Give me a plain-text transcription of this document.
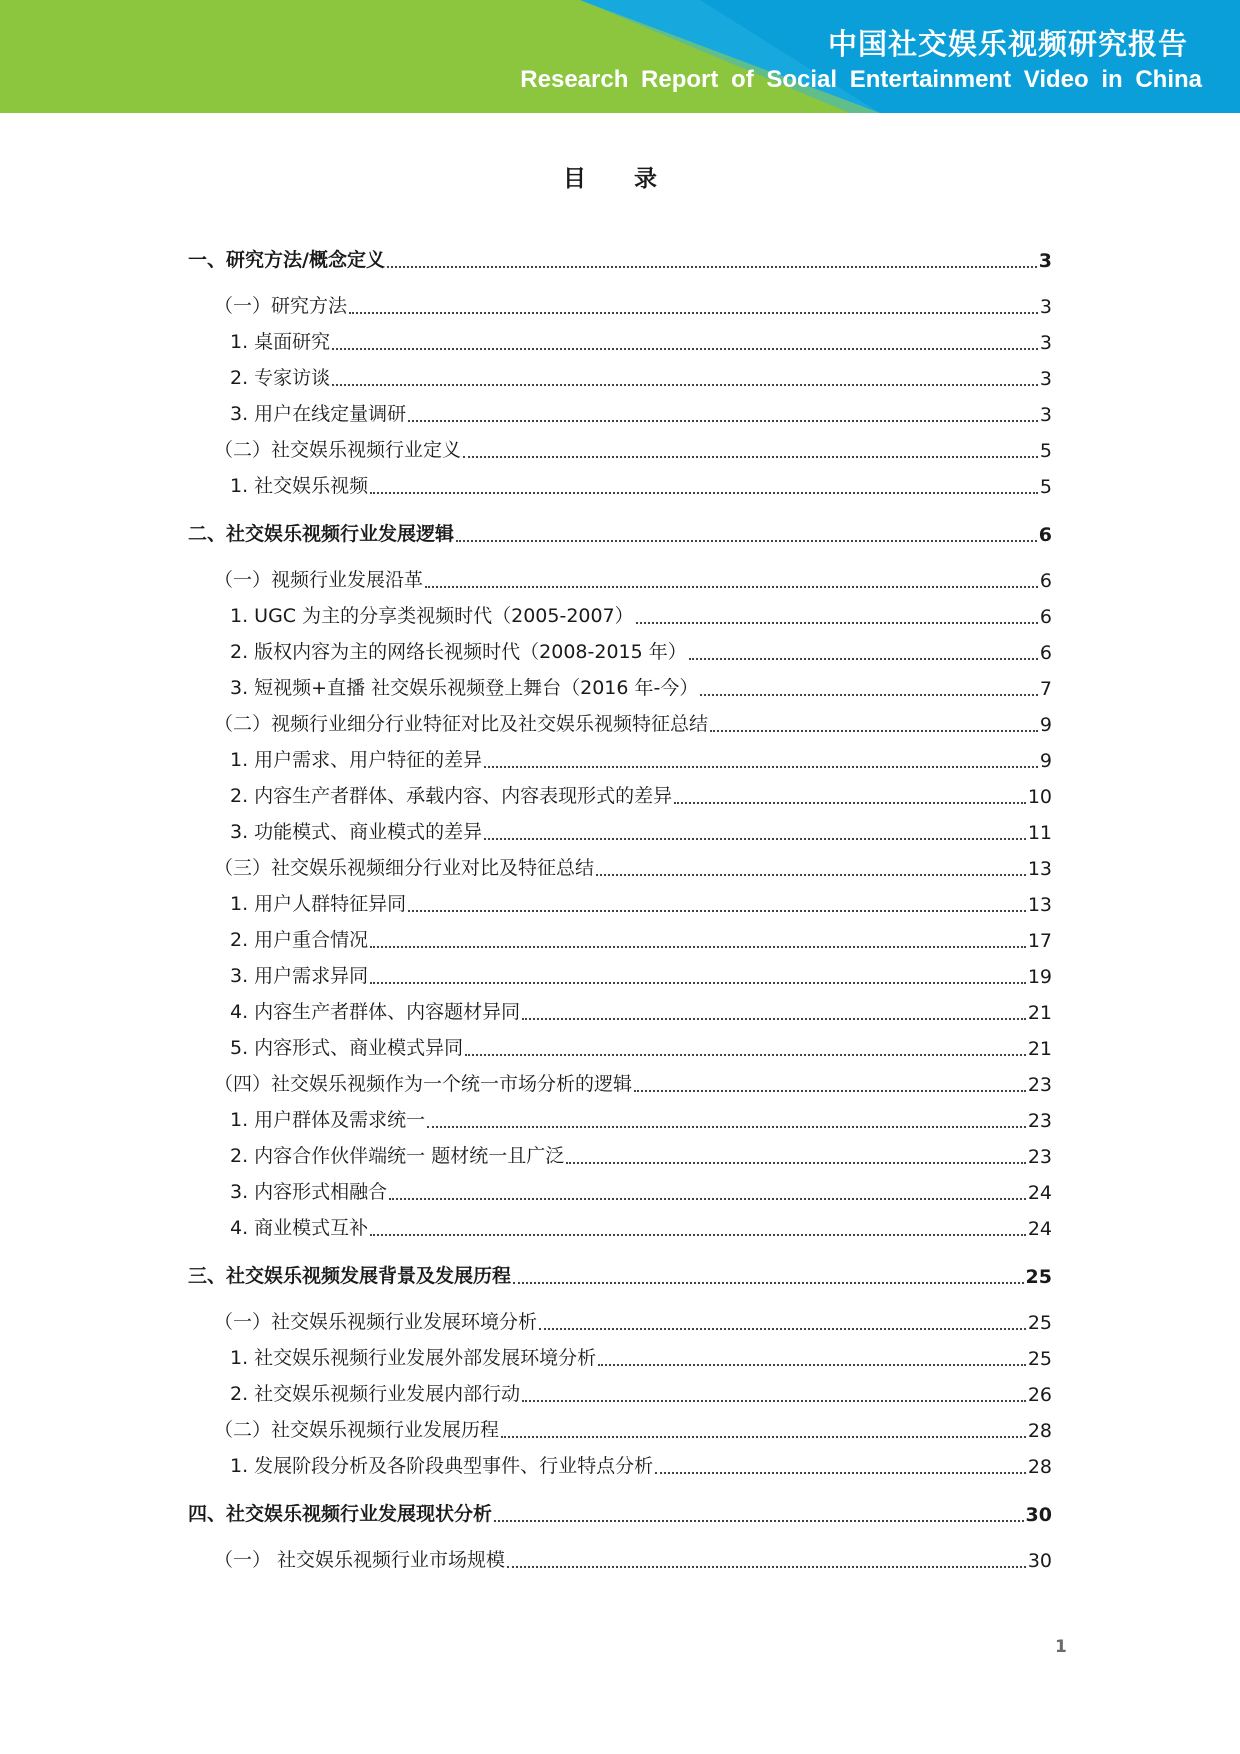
中国社交娱乐视频研究报告
Research Report of Social Entertainment Video in China
目 录
一、研究方法/概念定义	3
（一）研究方法	3
1. 桌面研究	3
2. 专家访谈	3
3. 用户在线定量调研	3
（二）社交娱乐视频行业定义	5
1. 社交娱乐视频	5
二、社交娱乐视频行业发展逻辑	6
（一）视频行业发展沿革	6
1. UGC 为主的分享类视频时代（2005-2007）	6
2. 版权内容为主的网络长视频时代（2008-2015 年）	6
3. 短视频+直播 社交娱乐视频登上舞台（2016 年-今）	7
（二）视频行业细分行业特征对比及社交娱乐视频特征总结	9
1. 用户需求、用户特征的差异	9
2. 内容生产者群体、承载内容、内容表现形式的差异	10
3. 功能模式、商业模式的差异	11
（三）社交娱乐视频细分行业对比及特征总结	13
1. 用户人群特征异同	13
2. 用户重合情况	17
3. 用户需求异同	19
4. 内容生产者群体、内容题材异同	21
5. 内容形式、商业模式异同	21
（四）社交娱乐视频作为一个统一市场分析的逻辑	23
1. 用户群体及需求统一	23
2. 内容合作伙伴端统一 题材统一且广泛	23
3. 内容形式相融合	24
4. 商业模式互补	24
三、社交娱乐视频发展背景及发展历程	25
（一）社交娱乐视频行业发展环境分析	25
1. 社交娱乐视频行业发展外部发展环境分析	25
2. 社交娱乐视频行业发展内部行动	26
（二）社交娱乐视频行业发展历程	28
1. 发展阶段分析及各阶段典型事件、行业特点分析	28
四、社交娱乐视频行业发展现状分析	30
（一） 社交娱乐视频行业市场规模	30
1
